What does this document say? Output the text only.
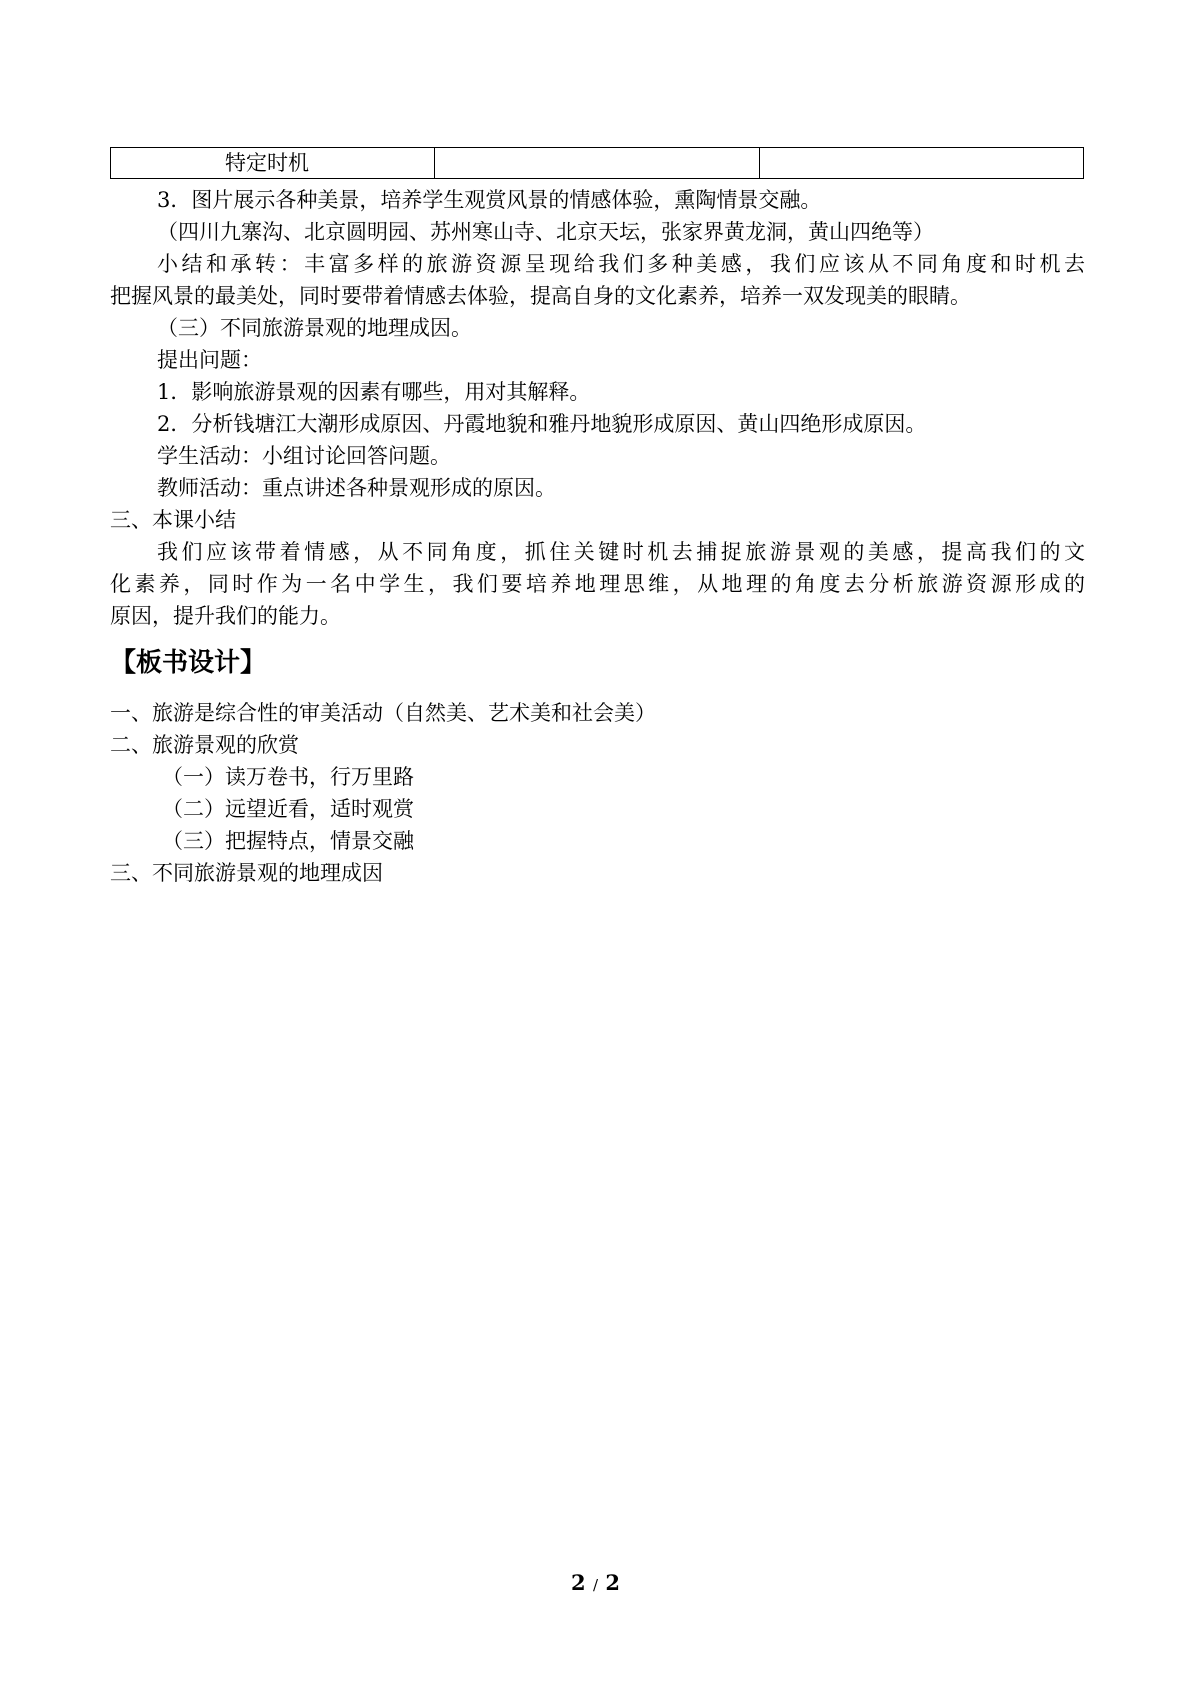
特定时机		
3．图片展示各种美景，培养学生观赏风景的情感体验，熏陶情景交融。
（四川九寨沟、北京圆明园、苏州寒山寺、北京天坛，张家界黄龙洞，黄山四绝等）
小结和承转：丰富多样的旅游资源呈现给我们多种美感，我们应该从不同角度和时机去
把握风景的最美处，同时要带着情感去体验，提高自身的文化素养，培养一双发现美的眼睛。
（三）不同旅游景观的地理成因。
提出问题：
1．影响旅游景观的因素有哪些，用对其解释。
2．分析钱塘江大潮形成原因、丹霞地貌和雅丹地貌形成原因、黄山四绝形成原因。
学生活动：小组讨论回答问题。
教师活动：重点讲述各种景观形成的原因。
三、本课小结
我们应该带着情感，从不同角度，抓住关键时机去捕捉旅游景观的美感，提高我们的文
化素养，同时作为一名中学生，我们要培养地理思维，从地理的角度去分析旅游资源形成的
原因，提升我们的能力。
【板书设计】
一、旅游是综合性的审美活动（自然美、艺术美和社会美）
二、旅游景观的欣赏
（一）读万卷书，行万里路
（二）远望近看，适时观赏
（三）把握特点，情景交融
三、不同旅游景观的地理成因
2 / 2
